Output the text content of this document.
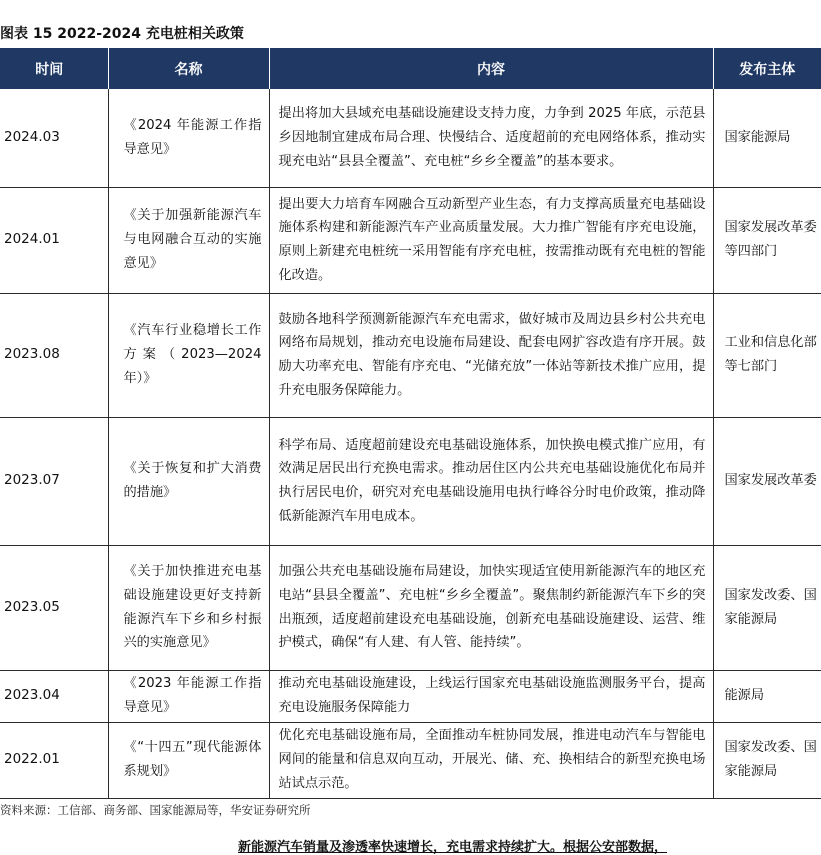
图表 15 2022-2024 充电桩相关政策
时间	名称	内容	发布主体
2024.03	《2024 年能源工作指导意见》	提出将加大县域充电基础设施建设支持力度，力争到 2025 年底，示范县乡因地制宜建成布局合理、快慢结合、适度超前的充电网络体系，推动实现充电站“县县全覆盖”、充电桩“乡乡全覆盖”的基本要求。	国家能源局
2024.01	《关于加强新能源汽车与电网融合互动的实施意见》	提出要大力培育车网融合互动新型产业生态，有力支撑高质量充电基础设施体系构建和新能源汽车产业高质量发展。大力推广智能有序充电设施，原则上新建充电桩统一采用智能有序充电桩，按需推动既有充电桩的智能化改造。	国家发展改革委等四部门
2023.08	《汽车行业稳增长工作方案（2023—2024 年）》	鼓励各地科学预测新能源汽车充电需求，做好城市及周边县乡村公共充电网络布局规划，推动充电设施布局建设、配套电网扩容改造有序开展。鼓励大功率充电、智能有序充电、“光储充放”一体站等新技术推广应用，提升充电服务保障能力。	工业和信息化部等七部门
2023.07	《关于恢复和扩大消费的措施》	科学布局、适度超前建设充电基础设施体系，加快换电模式推广应用，有效满足居民出行充换电需求。推动居住区内公共充电基础设施优化布局并执行居民电价，研究对充电基础设施用电执行峰谷分时电价政策，推动降低新能源汽车用电成本。	国家发展改革委
2023.05	《关于加快推进充电基础设施建设更好支持新能源汽车下乡和乡村振兴的实施意见》	加强公共充电基础设施布局建设，加快实现适宜使用新能源汽车的地区充电站“县县全覆盖”、充电桩“乡乡全覆盖”。聚焦制约新能源汽车下乡的突出瓶颈，适度超前建设充电基础设施，创新充电基础设施建设、运营、维护模式，确保“有人建、有人管、能持续”。	国家发改委、国家能源局
2023.04	《2023 年能源工作指导意见》	推动充电基础设施建设，上线运行国家充电基础设施监测服务平台，提高充电设施服务保障能力	能源局
2022.01	《“十四五”现代能源体系规划》	优化充电基础设施布局，全面推动车桩协同发展，推进电动汽车与智能电网间的能量和信息双向互动，开展光、储、充、换相结合的新型充换电场站试点示范。	国家发改委、国家能源局
资料来源：工信部、商务部、国家能源局等，华安证券研究所
新能源汽车销量及渗透率快速增长，充电需求持续扩大。根据公安部数据，
